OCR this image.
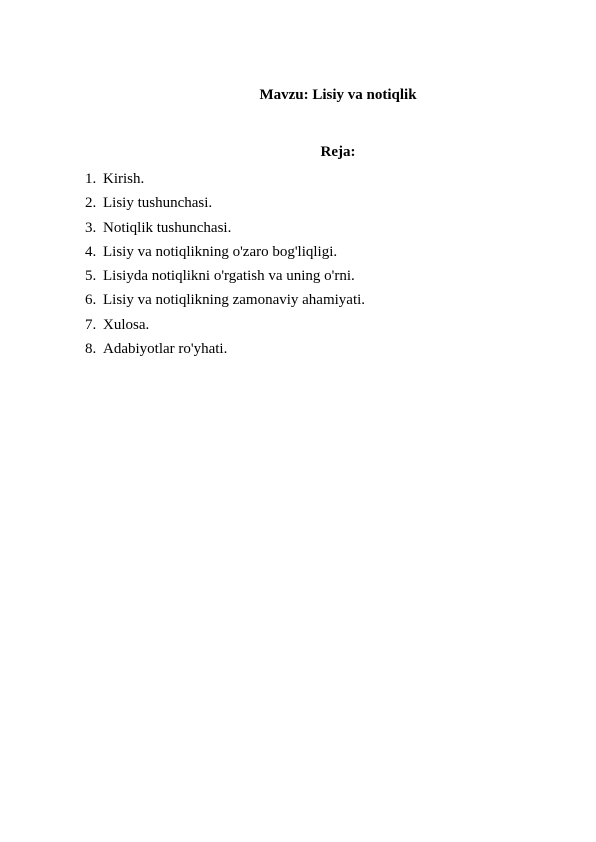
Mavzu: Lisiy va notiqlik
Reja:
1. Kirish.
2. Lisiy tushunchasi.
3. Notiqlik tushunchasi.
4. Lisiy va notiqlikning o'zaro bog'liqligi.
5. Lisiyda notiqlikni o'rgatish va uning o'rni.
6. Lisiy va notiqlikning zamonaviy ahamiyati.
7. Xulosa.
8. Adabiyotlar ro'yhati.
